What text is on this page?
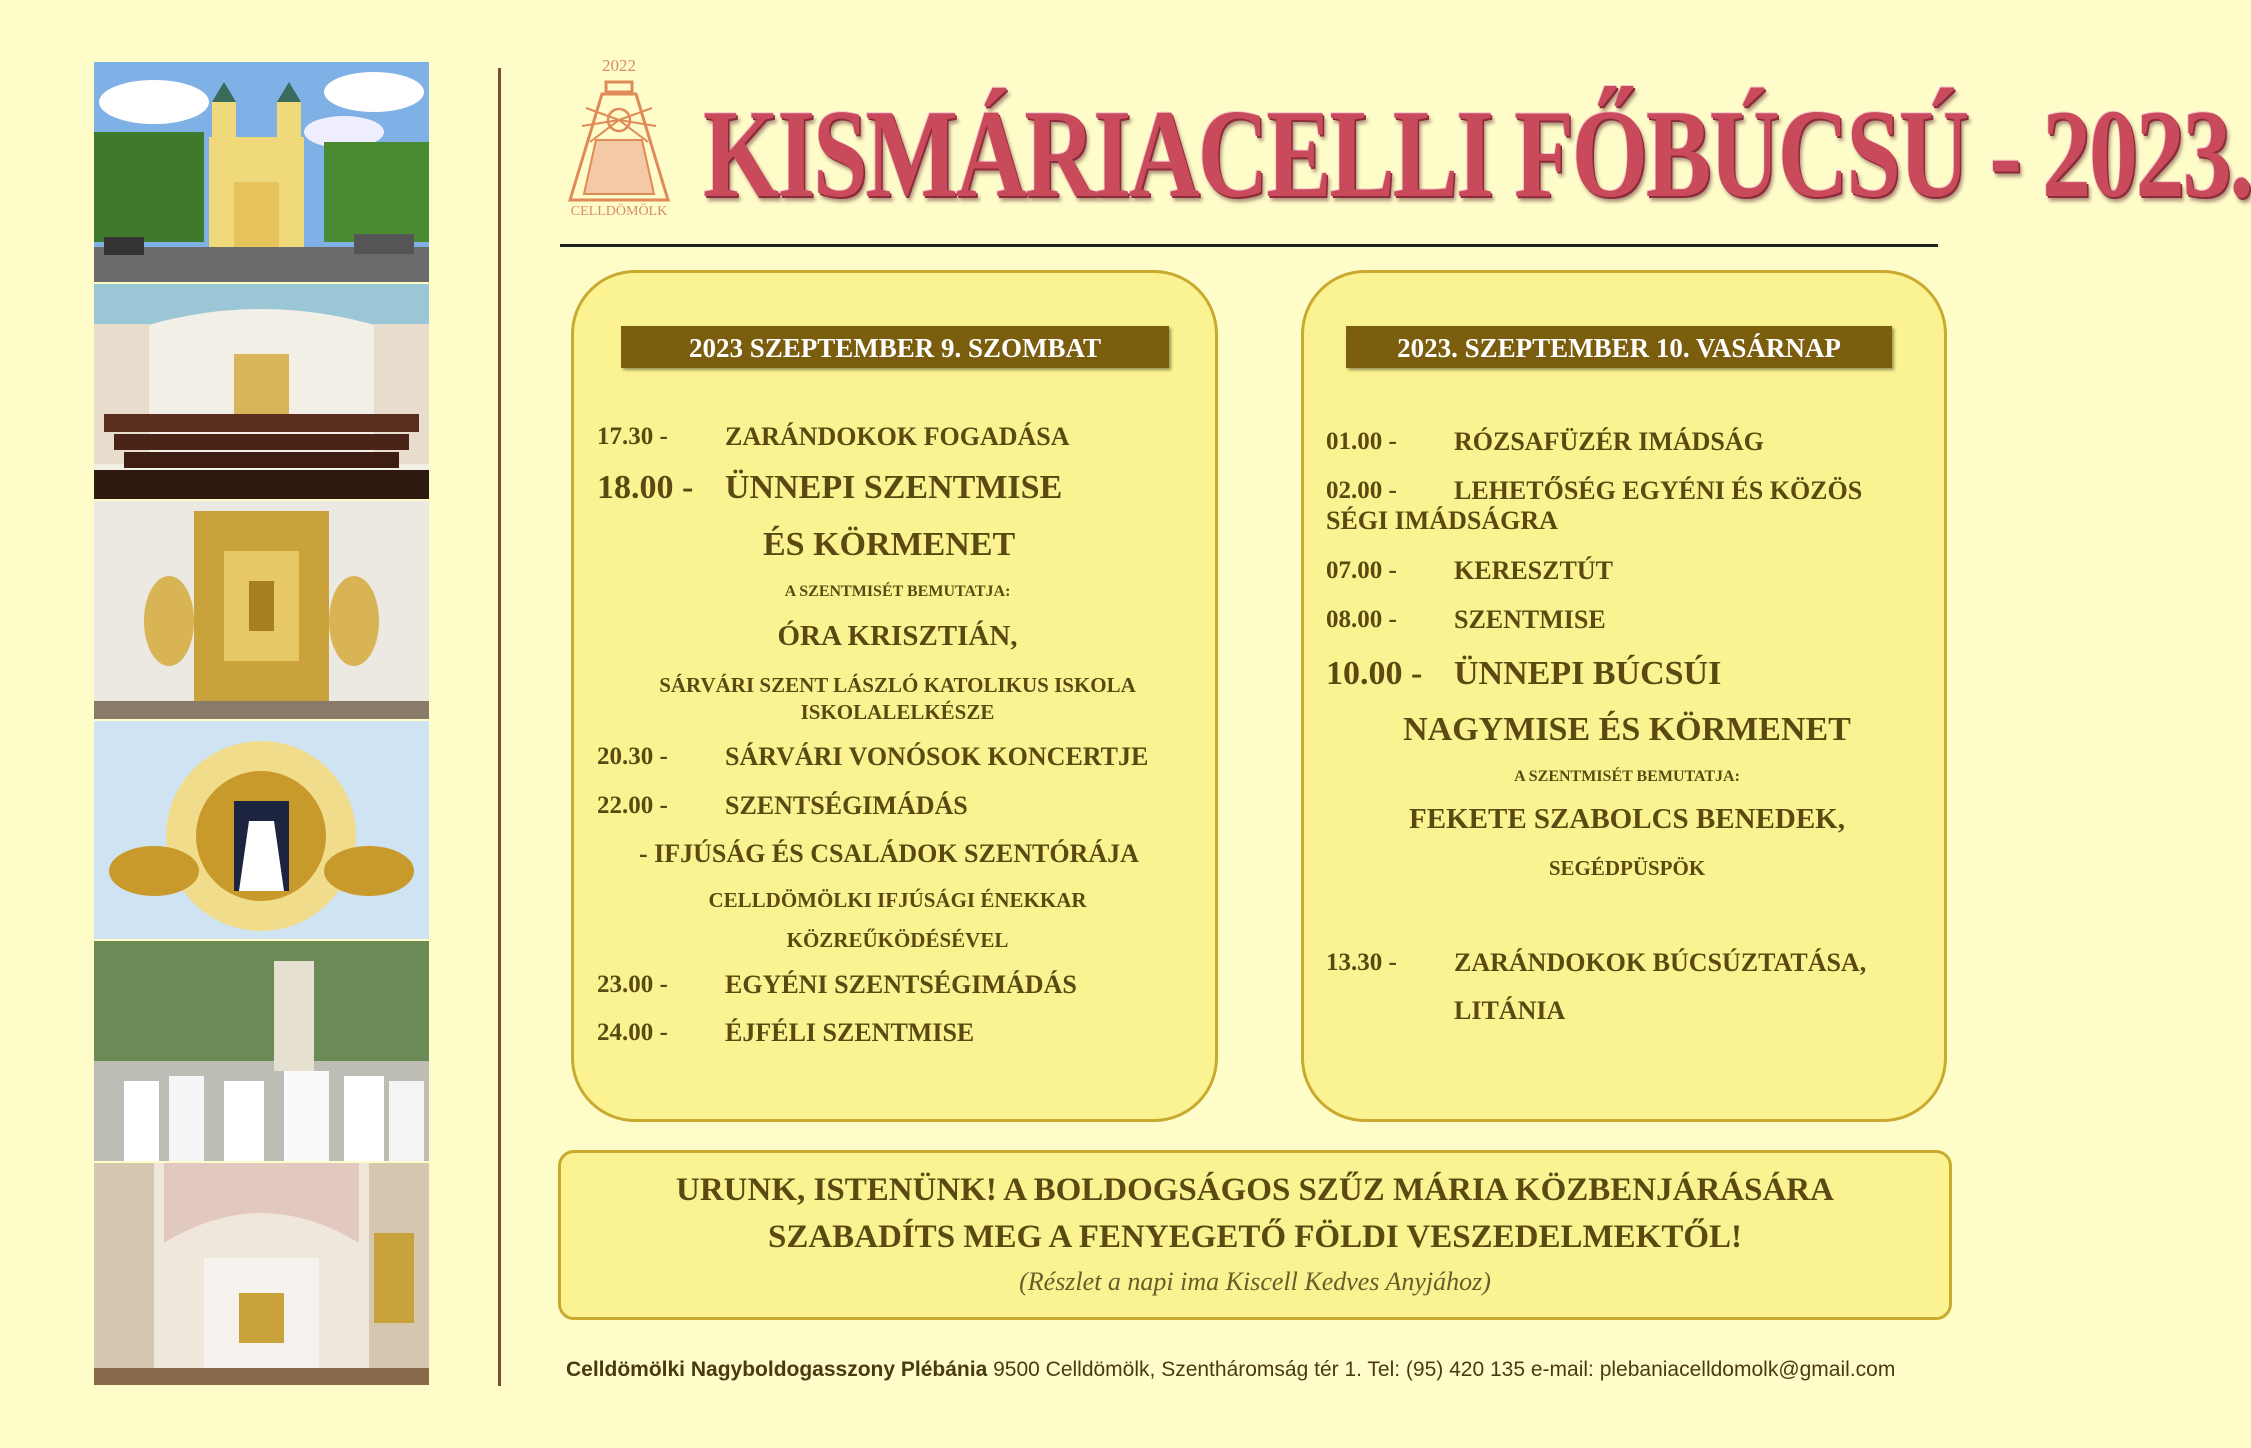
2022
CELLDÖMÖLK KISMÁRIACELLI FŐBÚCSÚ - 2023.
2023 SZEPTEMBER 9. SZOMBAT
17.30 - ZARÁNDOKOK FOGADÁSA
18.00 - ÜNNEPI SZENTMISE
ÉS KÖRMENET
A SZENTMISÉT BEMUTATJA:
ÓRA KRISZTIÁN,
SÁRVÁRI SZENT LÁSZLÓ KATOLIKUS ISKOLA
ISKOLALELKÉSZE
20.30 - SÁRVÁRI VONÓSOK KONCERTJE
22.00 - SZENTSÉGIMÁDÁS
- IFJÚSÁG ÉS CSALÁDOK SZENTÓRÁJA
CELLDÖMÖLKI IFJÚSÁGI ÉNEKKAR
KÖZREŰKÖDÉSÉVEL
23.00 - EGYÉNI SZENTSÉGIMÁDÁS
24.00 - ÉJFÉLI SZENTMISE
2023. SZEPTEMBER 10. VASÁRNAP
01.00 - RÓZSAFÜZÉR IMÁDSÁG
02.00 - LEHETŐSÉG EGYÉNI ÉS KÖZÖS
SÉGI IMÁDSÁGRA
07.00 - KERESZTÚT
08.00 - SZENTMISE
10.00 - ÜNNEPI BÚCSÚI
NAGYMISE ÉS KÖRMENET
A SZENTMISÉT BEMUTATJA:
FEKETE SZABOLCS BENEDEK,
SEGÉDPÜSPÖK
13.30 - ZARÁNDOKOK BÚCSÚZTATÁSA,
LITÁNIA
URUNK, ISTENÜNK! A BOLDOGSÁGOS SZŰZ MÁRIA KÖZBENJÁRÁSÁRA
SZABADÍTS MEG A FENYEGETŐ FÖLDI VESZEDELMEKTŐL!
(Részlet a napi ima Kiscell Kedves Anyjához)
Celldömölki Nagyboldogasszony Plébánia 9500 Celldömölk, Szentháromság tér 1. Tel: (95) 420 135 e-mail: plebaniacelldomolk@gmail.com
